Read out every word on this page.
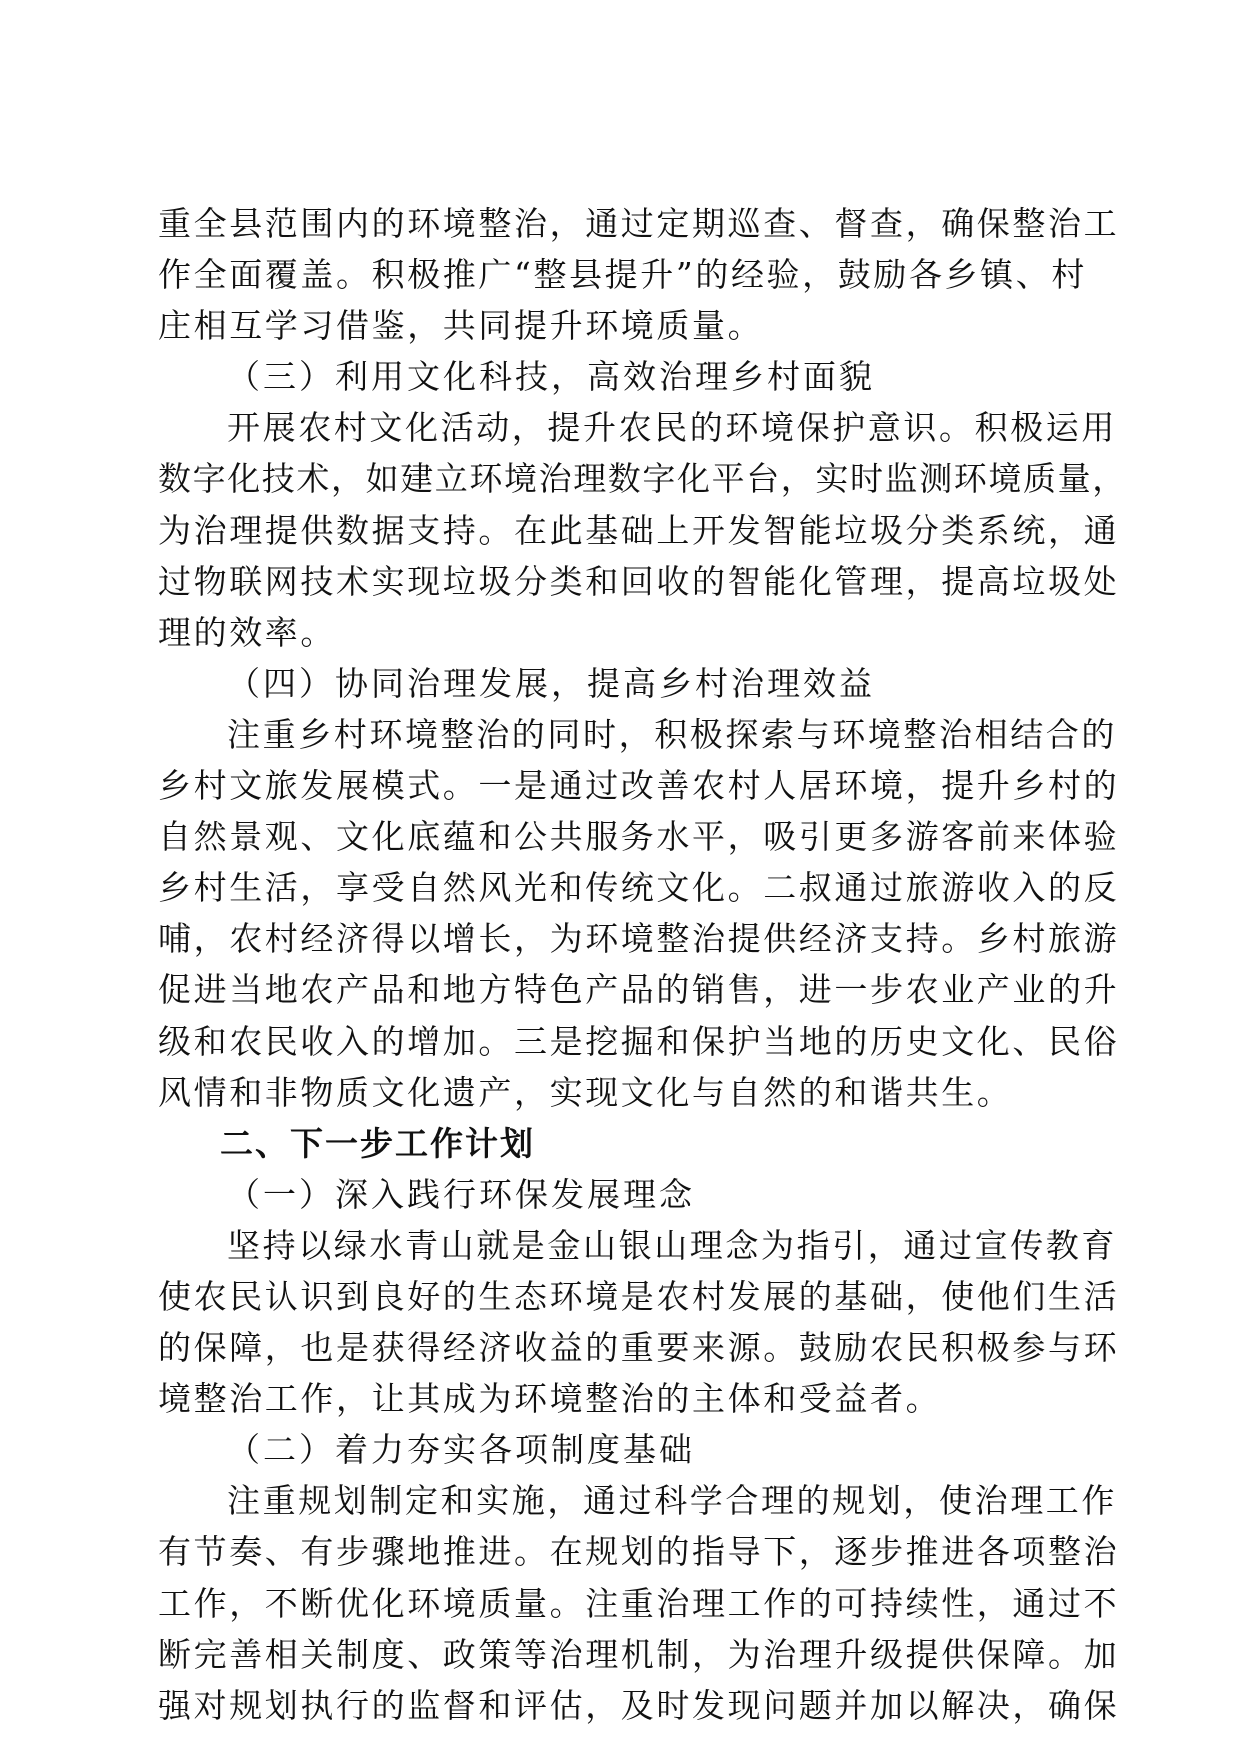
重全县范围内的环境整治，通过定期巡查、督查，确保整治工
作全面覆盖。积极推广“整县提升”的经验，鼓励各乡镇、村
庄相互学习借鉴，共同提升环境质量。
（三）利用文化科技，高效治理乡村面貌
开展农村文化活动，提升农民的环境保护意识。积极运用
数字化技术，如建立环境治理数字化平台，实时监测环境质量，
为治理提供数据支持。在此基础上开发智能垃圾分类系统，通
过物联网技术实现垃圾分类和回收的智能化管理，提高垃圾处
理的效率。
（四）协同治理发展，提高乡村治理效益
注重乡村环境整治的同时，积极探索与环境整治相结合的
乡村文旅发展模式。一是通过改善农村人居环境，提升乡村的
自然景观、文化底蕴和公共服务水平，吸引更多游客前来体验
乡村生活，享受自然风光和传统文化。二叔通过旅游收入的反
哺，农村经济得以增长，为环境整治提供经济支持。乡村旅游
促进当地农产品和地方特色产品的销售，进一步农业产业的升
级和农民收入的增加。三是挖掘和保护当地的历史文化、民俗
风情和非物质文化遗产，实现文化与自然的和谐共生。
二、下一步工作计划
（一）深入践行环保发展理念
坚持以绿水青山就是金山银山理念为指引，通过宣传教育
使农民认识到良好的生态环境是农村发展的基础，使他们生活
的保障，也是获得经济收益的重要来源。鼓励农民积极参与环
境整治工作，让其成为环境整治的主体和受益者。
（二）着力夯实各项制度基础
注重规划制定和实施，通过科学合理的规划，使治理工作
有节奏、有步骤地推进。在规划的指导下，逐步推进各项整治
工作，不断优化环境质量。注重治理工作的可持续性，通过不
断完善相关制度、政策等治理机制，为治理升级提供保障。加
强对规划执行的监督和评估，及时发现问题并加以解决，确保
